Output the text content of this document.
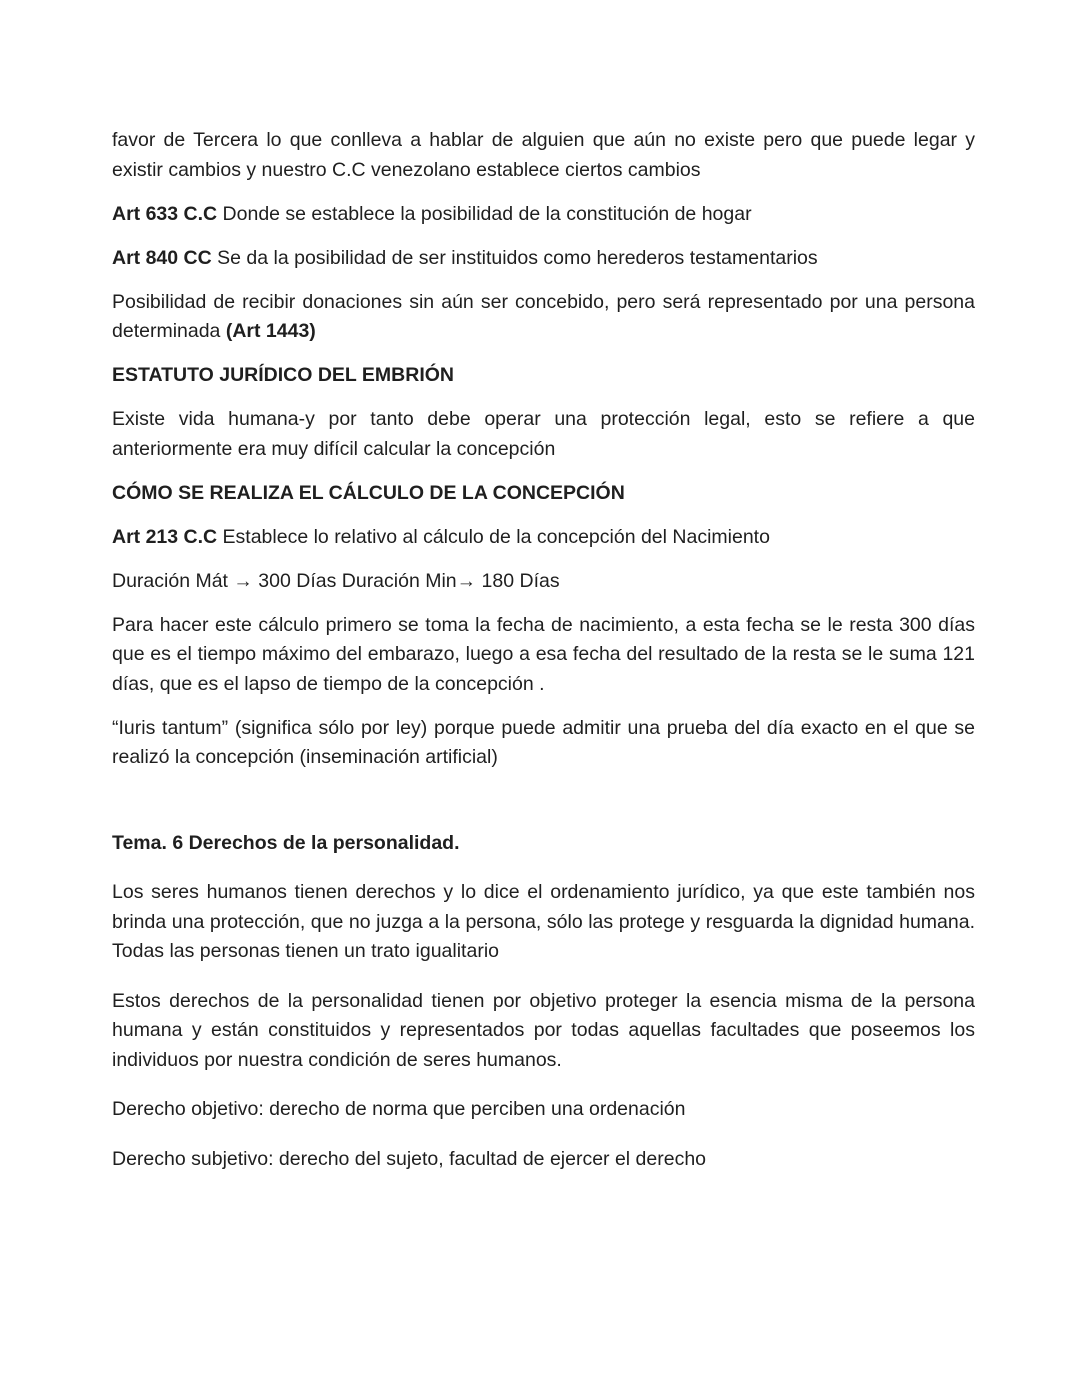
favor de Tercera lo que conlleva a hablar de alguien que aún no existe pero que puede legar y existir cambios y nuestro C.C venezolano establece ciertos cambios

Art 633 C.C Donde se establece la posibilidad de la constitución de hogar

Art 840 CC Se da la posibilidad de ser instituidos como herederos testamentarios

Posibilidad de recibir donaciones sin aún ser concebido, pero será representado por una persona determinada (Art 1443)

ESTATUTO JURÍDICO DEL EMBRIÓN

Existe vida humana-y por tanto debe operar una protección legal, esto se refiere a que anteriormente era muy difícil calcular la concepción

CÓMO SE REALIZA EL CÁLCULO DE LA CONCEPCIÓN

Art 213 C.C Establece lo relativo al cálculo de la concepción del Nacimiento

Duración Mát → 300 Días Duración Min→ 180 Días

Para hacer este cálculo primero se toma la fecha de nacimiento, a esta fecha se le resta 300 días que es el tiempo máximo del embarazo, luego a esa fecha del resultado de la resta se le suma 121 días, que es el lapso de tiempo de la concepción .

“Iuris tantum” (significa sólo por ley) porque puede admitir una prueba del día exacto en el que se realizó la concepción (inseminación artificial)

Tema. 6 Derechos de la personalidad.

Los seres humanos tienen derechos y lo dice el ordenamiento jurídico, ya que este también nos brinda una protección, que no juzga a la persona, sólo las protege y resguarda la dignidad humana. Todas las personas tienen un trato igualitario

Estos derechos de la personalidad tienen por objetivo proteger la esencia misma de la persona humana y están constituidos y representados por todas aquellas facultades que poseemos los individuos por nuestra condición de seres humanos.

Derecho objetivo: derecho de norma que perciben una ordenación

Derecho subjetivo: derecho del sujeto, facultad de ejercer el derecho
